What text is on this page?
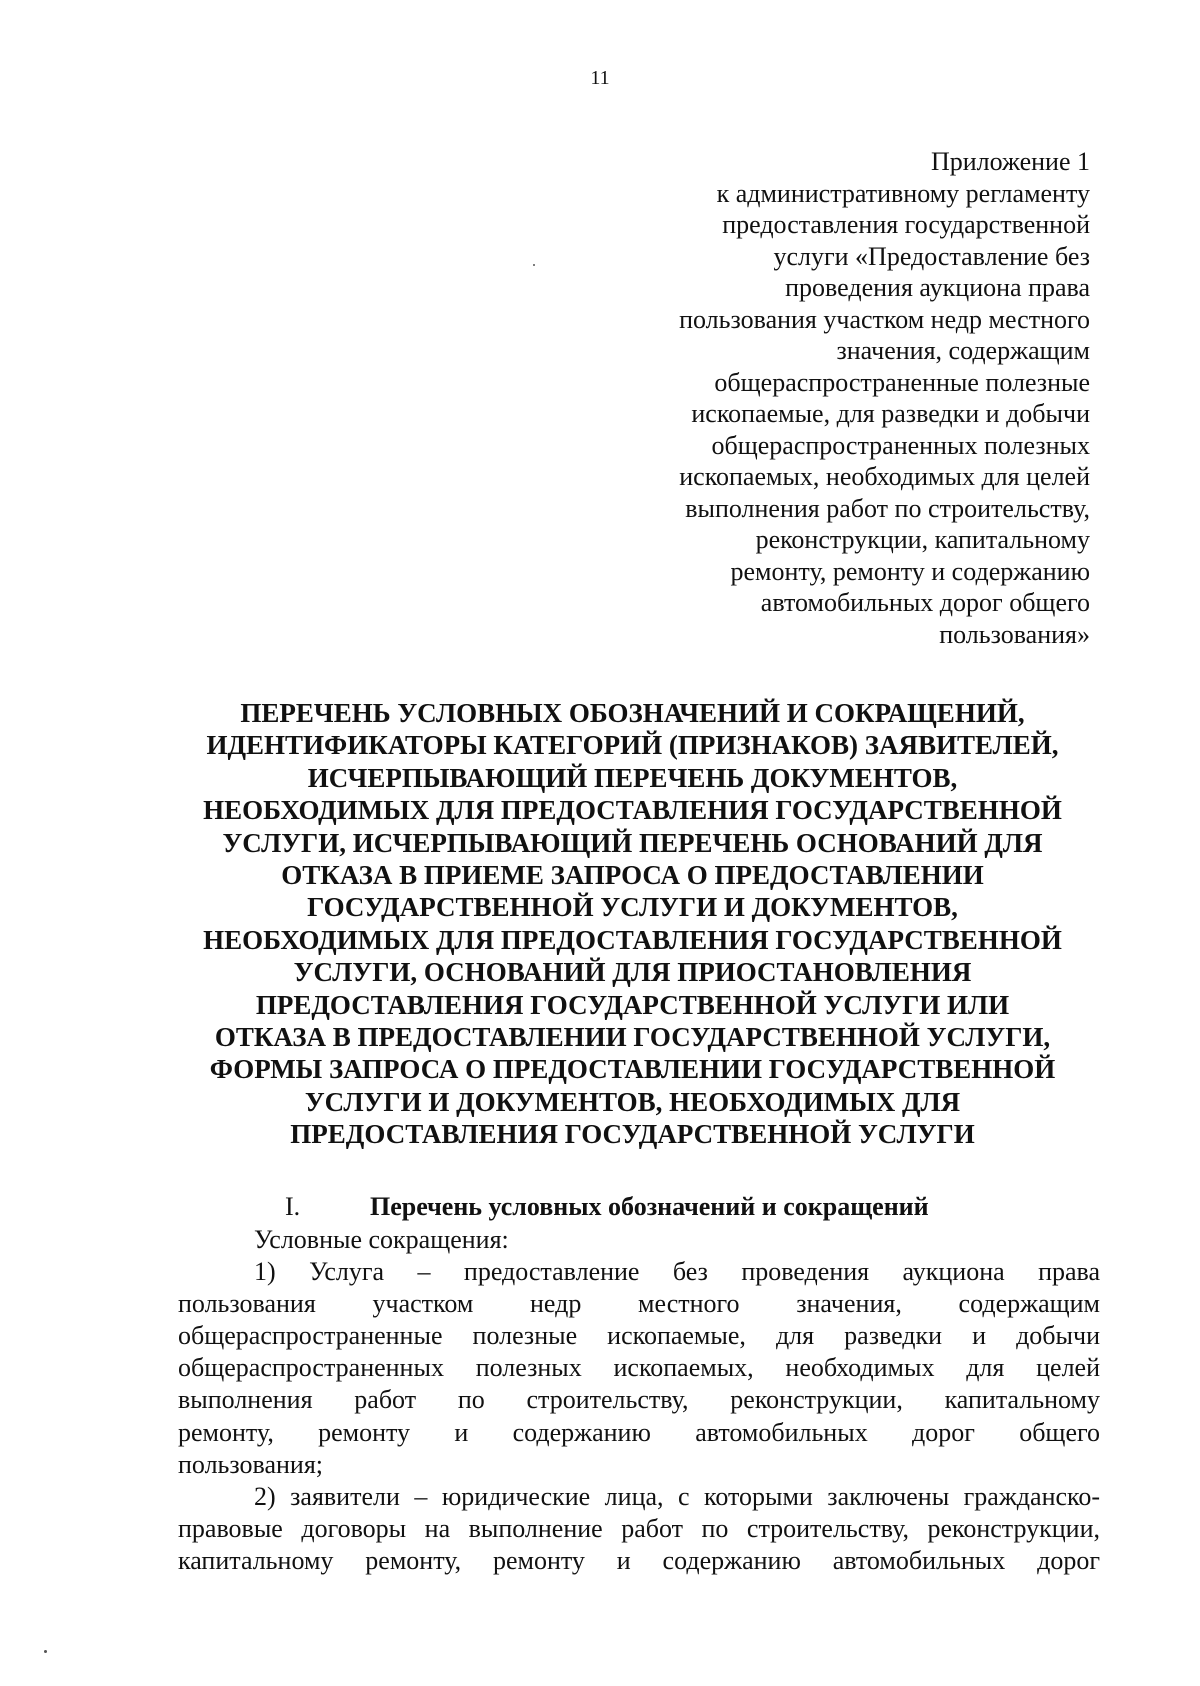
11
Приложение 1
к административному регламенту
предоставления государственной
услуги «Предоставление без
проведения аукциона права
пользования участком недр местного
значения, содержащим
общераспространенные полезные
ископаемые, для разведки и добычи
общераспространенных полезных
ископаемых, необходимых для целей
выполнения работ по строительству,
реконструкции, капитальному
ремонту, ремонту и содержанию
автомобильных дорог общего
пользования»
ПЕРЕЧЕНЬ УСЛОВНЫХ ОБОЗНАЧЕНИЙ И СОКРАЩЕНИЙ,
ИДЕНТИФИКАТОРЫ КАТЕГОРИЙ (ПРИЗНАКОВ) ЗАЯВИТЕЛЕЙ,
ИСЧЕРПЫВАЮЩИЙ ПЕРЕЧЕНЬ ДОКУМЕНТОВ,
НЕОБХОДИМЫХ ДЛЯ ПРЕДОСТАВЛЕНИЯ ГОСУДАРСТВЕННОЙ
УСЛУГИ, ИСЧЕРПЫВАЮЩИЙ ПЕРЕЧЕНЬ ОСНОВАНИЙ ДЛЯ
ОТКАЗА В ПРИЕМЕ ЗАПРОСА О ПРЕДОСТАВЛЕНИИ
ГОСУДАРСТВЕННОЙ УСЛУГИ И ДОКУМЕНТОВ,
НЕОБХОДИМЫХ ДЛЯ ПРЕДОСТАВЛЕНИЯ ГОСУДАРСТВЕННОЙ
УСЛУГИ, ОСНОВАНИЙ ДЛЯ ПРИОСТАНОВЛЕНИЯ
ПРЕДОСТАВЛЕНИЯ ГОСУДАРСТВЕННОЙ УСЛУГИ ИЛИ
ОТКАЗА В ПРЕДОСТАВЛЕНИИ ГОСУДАРСТВЕННОЙ УСЛУГИ,
ФОРМЫ ЗАПРОСА О ПРЕДОСТАВЛЕНИИ ГОСУДАРСТВЕННОЙ
УСЛУГИ И ДОКУМЕНТОВ, НЕОБХОДИМЫХ ДЛЯ
ПРЕДОСТАВЛЕНИЯ ГОСУДАРСТВЕННОЙ УСЛУГИ
I.	Перечень условных обозначений и сокращений
Условные сокращения:
1) Услуга – предоставление без проведения аукциона права
пользования участком недр местного значения, содержащим
общераспространенные полезные ископаемые, для разведки и добычи
общераспространенных полезных ископаемых, необходимых для целей
выполнения работ по строительству, реконструкции, капитальному
ремонту, ремонту и содержанию автомобильных дорог общего
пользования;
2) заявители – юридические лица, с которыми заключены гражданско-
правовые договоры на выполнение работ по строительству, реконструкции,
капитальному ремонту, ремонту и содержанию автомобильных дорог
